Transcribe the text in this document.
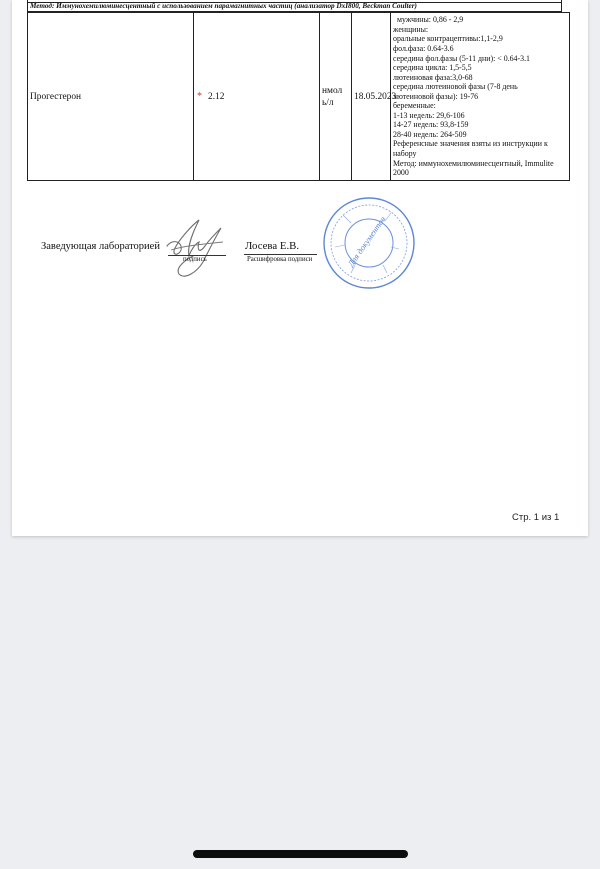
Метод: Иммунохемилюминесцентный с использованием парамагнитных частиц (анализатор DxI800, Beckman Coulter)
Прогестерон	* 2.12	нмоль/л	18.05.2023	
мужчины: 0,86 - 2,9
женщины:
оральные контрацептивы:1,1-2,9
фол.фаза: 0.64-3.6
середина фол.фазы (5-11 дни): < 0.64-3.1
середина цикла: 1,5-5,5
лютеиновая фаза:3,0-68
середина лютеиновой фазы (7-8 день
лютеиновой фазы): 19-76
беременные:
1-13 недель: 29,6-106
14-27 недель: 93,8-159
28-40 недель: 264-509
Референсные значения взяты из инструкции к набору
Метод: иммунохемилюминесцентный, Immulite 2000
Заведующая лабораторией
подпись
Лосева Е.В.
Расшифровка подписи	Для документов
Стр. 1 из 1
